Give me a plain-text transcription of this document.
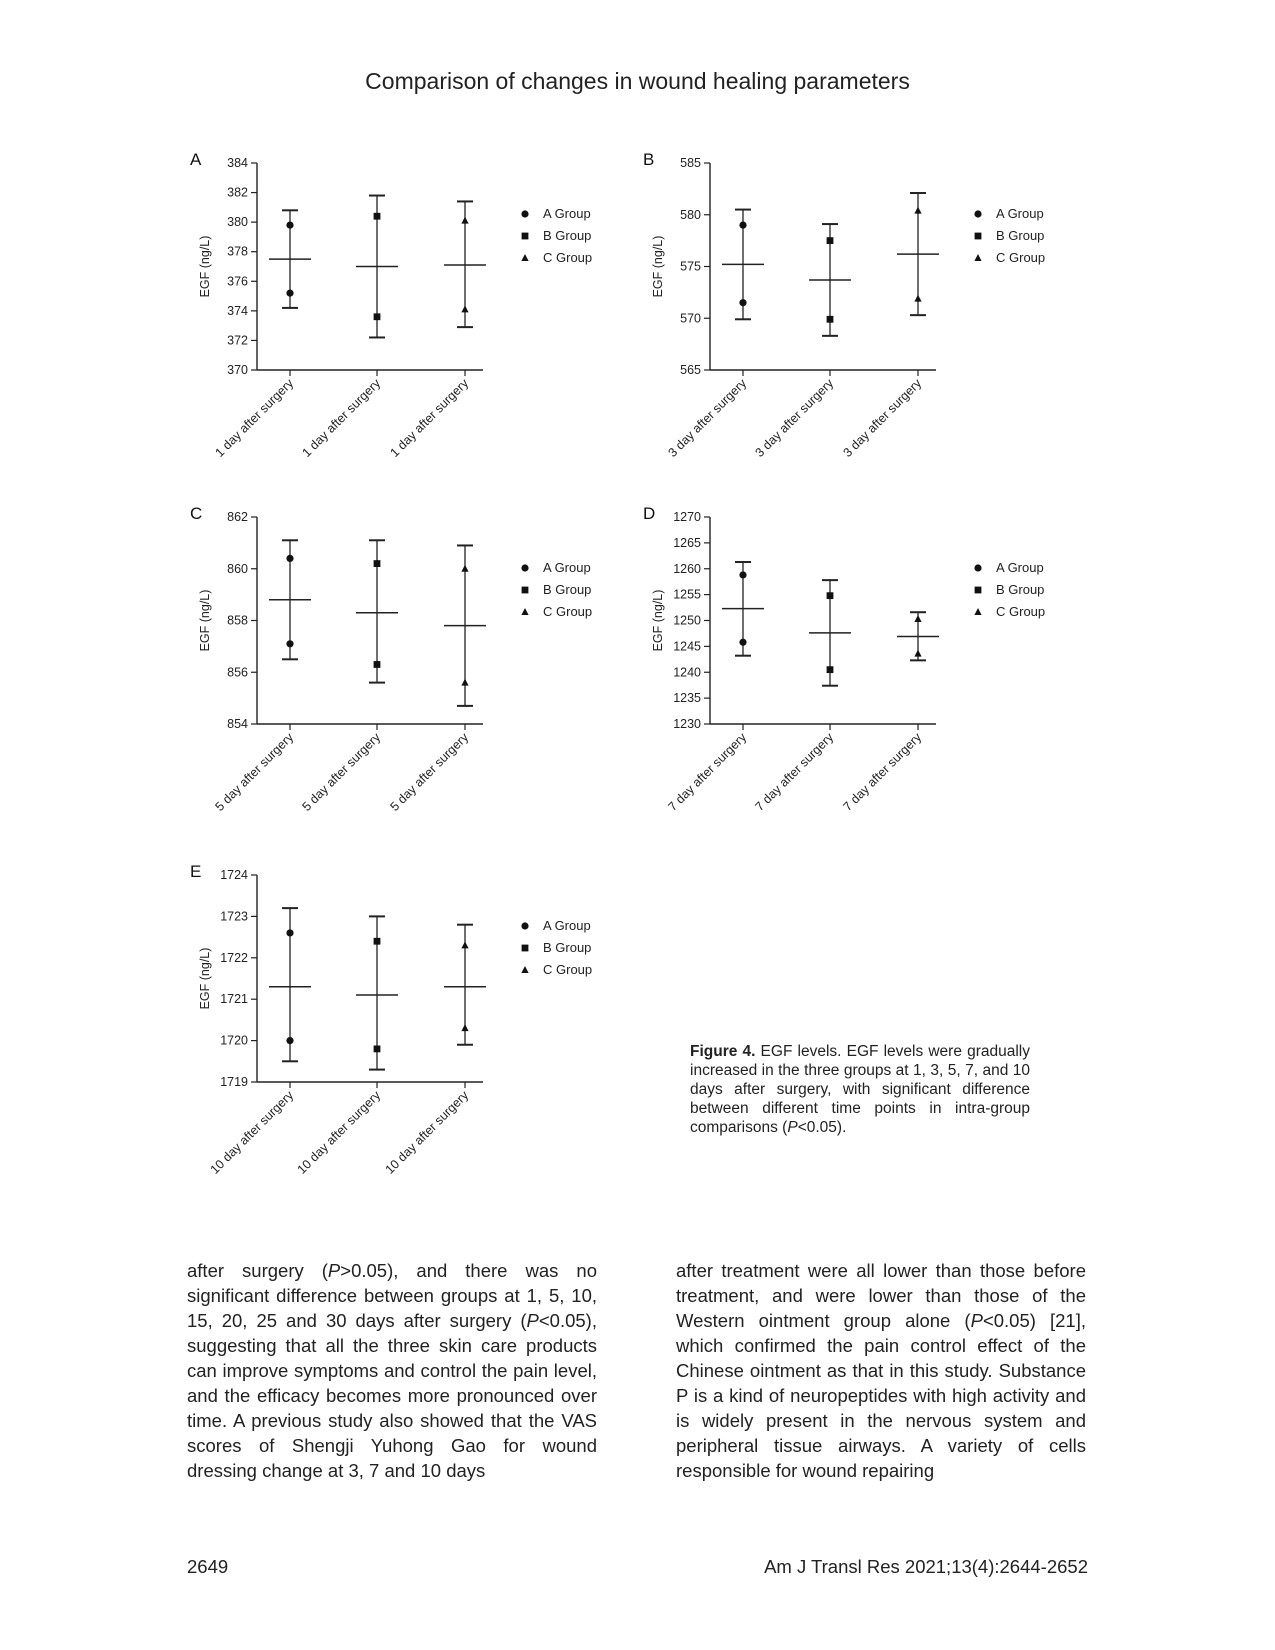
Comparison of changes in wound healing parameters
A
370
372
374
376
378
380
382
384
EGF (ng/L)
1 day after surgery 1 day after surgery 1 day after surgery
A Group
B Group
C Group
B
565
570
575
580
585
EGF (ng/L)
3 day after surgery 3 day after surgery 3 day after surgery
A Group
B Group
C Group
C
854
856
858
860
862
EGF (ng/L)
5 day after surgery 5 day after surgery 5 day after surgery
A Group
B Group
C Group
D
1230
1235
1240
1245
1250
1255
1260
1265
1270
EGF (ng/L)
7 day after surgery 7 day after surgery 7 day after surgery
A Group
B Group
C Group
E
1719
1720
1721
1722
1723
1724
EGF (ng/L)
10 day after surgery
10 day after surgery 10 day after surgery
A Group
B Group
C Group
Figure 4. EGF levels. EGF levels were gradually increased in the three groups at 1, 3, 5, 7, and 10 days after surgery, with significant difference between different time points in intra-group comparisons (P<0.05).
after surgery (P>0.05), and there was no significant difference between groups at 1, 5, 10, 15, 20, 25 and 30 days after surgery (P<0.05), suggesting that all the three skin care products can improve symptoms and control the pain level, and the efficacy becomes more pronounced over time. A previous study also showed that the VAS scores of Shengji Yuhong Gao for wound dressing change at 3, 7 and 10 days
after treatment were all lower than those before treatment, and were lower than those of the Western ointment group alone (P<0.05) [21], which confirmed the pain control effect of the Chinese ointment as that in this study. Substance P is a kind of neuropeptides with high activity and is widely present in the nervous system and peripheral tissue airways. A variety of cells responsible for wound repairing
2649	Am J Transl Res 2021;13(4):2644-2652
